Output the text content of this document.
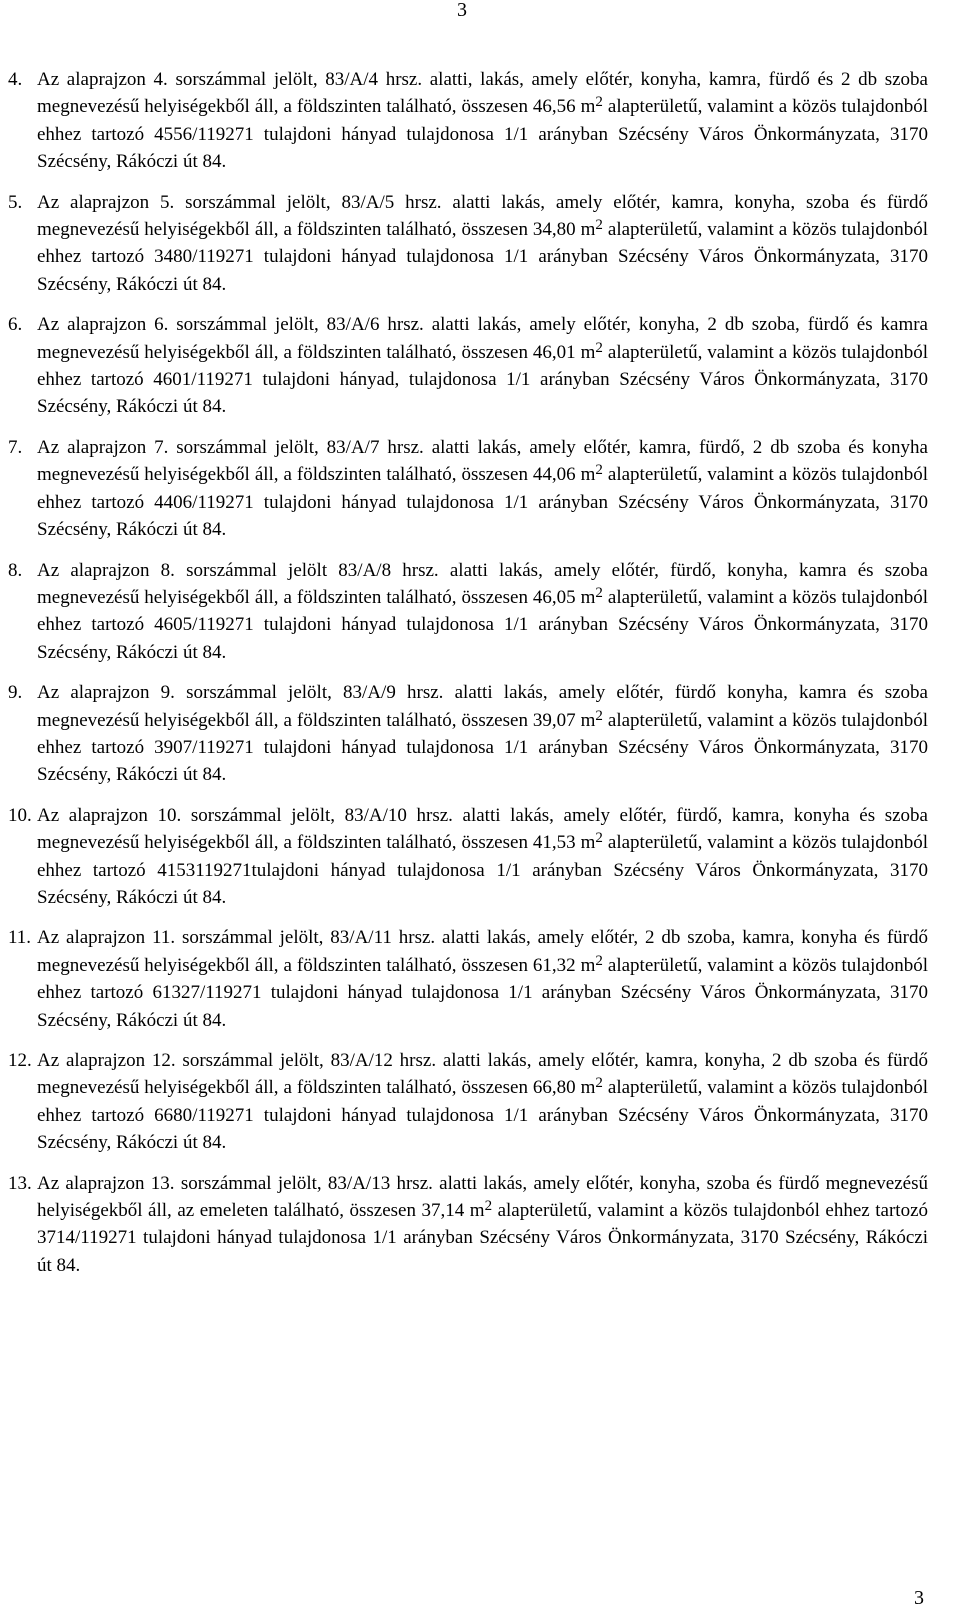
3
4. Az alaprajzon 4. sorszámmal jelölt, 83/A/4 hrsz. alatti, lakás, amely előtér, konyha, kamra, fürdő és 2 db szoba megnevezésű helyiségekből áll, a földszinten található, összesen 46,56 $m^2$ alapterületű, valamint a közös tulajdonból ehhez tartozó 4556/119271 tulajdoni hányad tulajdonosa 1/1 arányban Szécsény Város Önkormányzata, 3170 Szécsény, Rákóczi út 84.
5. Az alaprajzon 5. sorszámmal jelölt, 83/A/5 hrsz. alatti lakás, amely előtér, kamra, konyha, szoba és fürdő megnevezésű helyiségekből áll, a földszinten található, összesen 34,80 $m^2$ alapterületű, valamint a közös tulajdonból ehhez tartozó 3480/119271 tulajdoni hányad tulajdonosa 1/1 arányban Szécsény Város Önkormányzata, 3170 Szécsény, Rákóczi út 84.
6. Az alaprajzon 6. sorszámmal jelölt, 83/A/6 hrsz. alatti lakás, amely előtér, konyha, 2 db szoba, fürdő és kamra megnevezésű helyiségekből áll, a földszinten található, összesen 46,01 $m^2$ alapterületű, valamint a közös tulajdonból ehhez tartozó 4601/119271 tulajdoni hányad, tulajdonosa 1/1 arányban Szécsény Város Önkormányzata, 3170 Szécsény, Rákóczi út 84.
7. Az alaprajzon 7. sorszámmal jelölt, 83/A/7 hrsz. alatti lakás, amely előtér, kamra, fürdő, 2 db szoba és konyha megnevezésű helyiségekből áll, a földszinten található, összesen 44,06 $m^2$ alapterületű, valamint a közös tulajdonból ehhez tartozó 4406/119271 tulajdoni hányad tulajdonosa 1/1 arányban Szécsény Város Önkormányzata, 3170 Szécsény, Rákóczi út 84.
8. Az alaprajzon 8. sorszámmal jelölt 83/A/8 hrsz. alatti lakás, amely előtér, fürdő, konyha, kamra és szoba megnevezésű helyiségekből áll, a földszinten található, összesen 46,05 $m^2$ alapterületű, valamint a közös tulajdonból ehhez tartozó 4605/119271 tulajdoni hányad tulajdonosa 1/1 arányban Szécsény Város Önkormányzata, 3170 Szécsény, Rákóczi út 84.
9. Az alaprajzon 9. sorszámmal jelölt, 83/A/9 hrsz. alatti lakás, amely előtér, fürdő konyha, kamra és szoba megnevezésű helyiségekből áll, a földszinten található, összesen 39,07 $m^2$ alapterületű, valamint a közös tulajdonból ehhez tartozó 3907/119271 tulajdoni hányad tulajdonosa 1/1 arányban Szécsény Város Önkormányzata, 3170 Szécsény, Rákóczi út 84.
10. Az alaprajzon 10. sorszámmal jelölt, 83/A/10 hrsz. alatti lakás, amely előtér, fürdő, kamra, konyha és szoba megnevezésű helyiségekből áll, a földszinten található, összesen 41,53 $m^2$ alapterületű, valamint a közös tulajdonból ehhez tartozó 4153119271tulajdoni hányad tulajdonosa 1/1 arányban Szécsény Város Önkormányzata, 3170 Szécsény, Rákóczi út 84.
11. Az alaprajzon 11. sorszámmal jelölt, 83/A/11 hrsz. alatti lakás, amely előtér, 2 db szoba, kamra, konyha és fürdő megnevezésű helyiségekből áll, a földszinten található, összesen 61,32 $m^2$ alapterületű, valamint a közös tulajdonból ehhez tartozó 61327/119271 tulajdoni hányad tulajdonosa 1/1 arányban Szécsény Város Önkormányzata, 3170 Szécsény, Rákóczi út 84.
12. Az alaprajzon 12. sorszámmal jelölt, 83/A/12 hrsz. alatti lakás, amely előtér, kamra, konyha, 2 db szoba és fürdő megnevezésű helyiségekből áll, a földszinten található, összesen 66,80 $m^2$ alapterületű, valamint a közös tulajdonból ehhez tartozó 6680/119271 tulajdoni hányad tulajdonosa 1/1 arányban Szécsény Város Önkormányzata, 3170 Szécsény, Rákóczi út 84.
13. Az alaprajzon 13. sorszámmal jelölt, 83/A/13 hrsz. alatti lakás, amely előtér, konyha, szoba és fürdő megnevezésű helyiségekből áll, az emeleten található, összesen 37,14 $m^2$ alapterületű, valamint a közös tulajdonból ehhez tartozó 3714/119271 tulajdoni hányad tulajdonosa 1/1 arányban Szécsény Város Önkormányzata, 3170 Szécsény, Rákóczi út 84.
3
